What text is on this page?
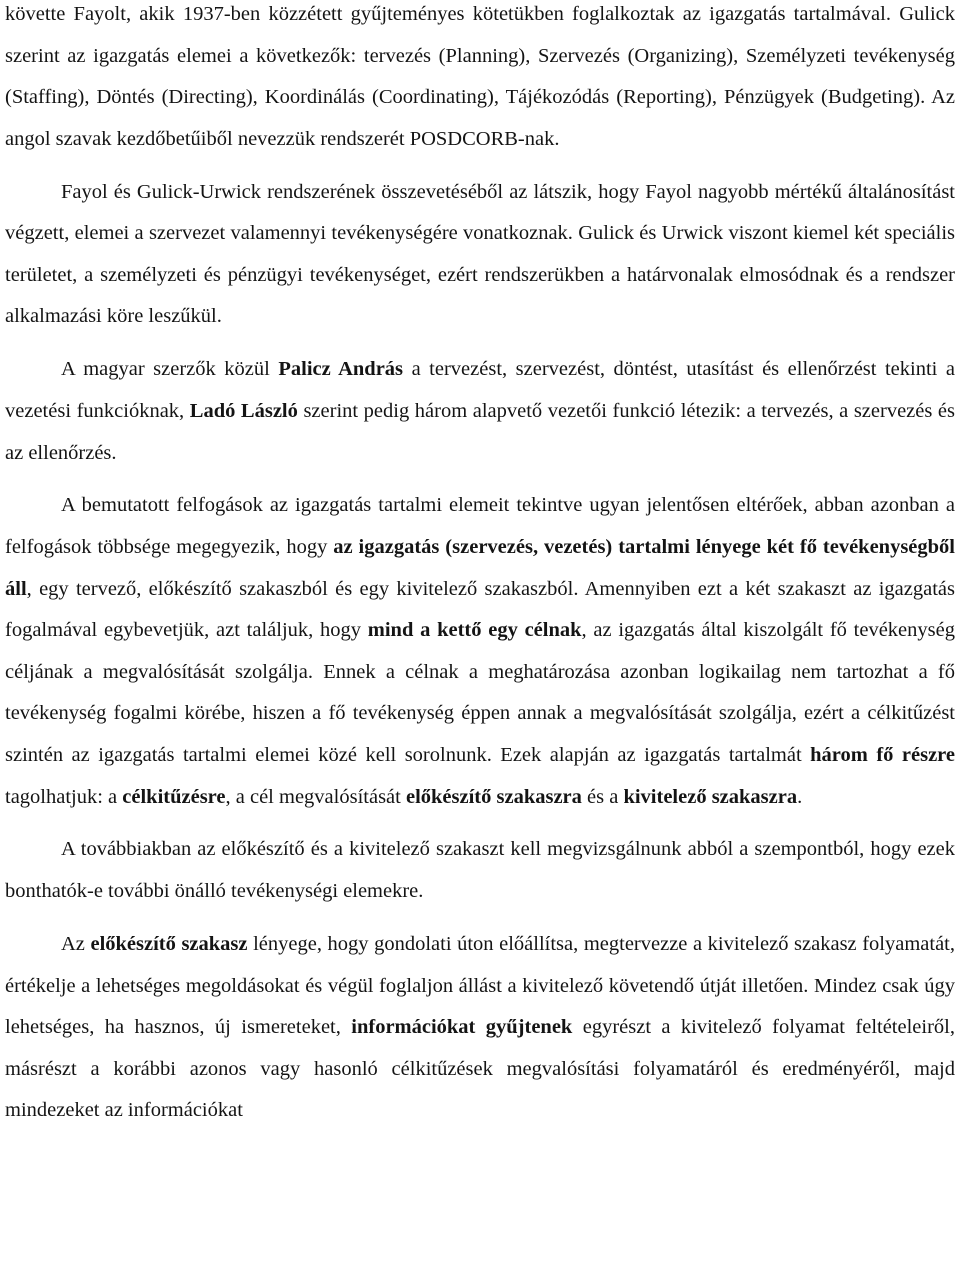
követte Fayolt, akik 1937-ben közzétett gyűjteményes kötetükben foglalkoztak az igazgatás tartalmával. Gulick szerint az igazgatás elemei a következők: tervezés (Planning), Szervezés (Organizing), Személyzeti tevékenység (Staffing), Döntés (Directing), Koordinálás (Coordinating), Tájékozódás (Reporting), Pénzügyek (Budgeting). Az angol szavak kezdőbetűiből nevezzük rendszerét POSDCORB-nak.

Fayol és Gulick-Urwick rendszerének összevetéséből az látszik, hogy Fayol nagyobb mértékű általánosítást végzett, elemei a szervezet valamennyi tevékenységére vonatkoznak. Gulick és Urwick viszont kiemel két speciális területet, a személyzeti és pénzügyi tevékenységet, ezért rendszerükben a határvonalak elmosódnak és a rendszer alkalmazási köre leszűkül.

A magyar szerzők közül Palicz András a tervezést, szervezést, döntést, utasítást és ellenőrzést tekinti a vezetési funkcióknak, Ladó László szerint pedig három alapvető vezetői funkció létezik: a tervezés, a szervezés és az ellenőrzés.

A bemutatott felfogások az igazgatás tartalmi elemeit tekintve ugyan jelentősen eltérőek, abban azonban a felfogások többsége megegyezik, hogy az igazgatás (szervezés, vezetés) tartalmi lényege két fő tevékenységből áll, egy tervező, előkészítő szakaszból és egy kivitelező szakaszból. Amennyiben ezt a két szakaszt az igazgatás fogalmával egybevetjük, azt találjuk, hogy mind a kettő egy célnak, az igazgatás által kiszolgált fő tevékenység céljának a megvalósítását szolgálja. Ennek a célnak a meghatározása azonban logikailag nem tartozhat a fő tevékenység fogalmi körébe, hiszen a fő tevékenység éppen annak a megvalósítását szolgálja, ezért a célkitűzést szintén az igazgatás tartalmi elemei közé kell sorolnunk. Ezek alapján az igazgatás tartalmát három fő részre tagolhatjuk: a célkitűzésre, a cél megvalósítását előkészítő szakaszra és a kivitelező szakaszra.

A továbbiakban az előkészítő és a kivitelező szakaszt kell megvizsgálnunk abból a szempontból, hogy ezek bonthatók-e további önálló tevékenységi elemekre.

Az előkészítő szakasz lényege, hogy gondolati úton előállítsa, megtervezze a kivitelező szakasz folyamatát, értékelje a lehetséges megoldásokat és végül foglaljon állást a kivitelező követendő útját illetően. Mindez csak úgy lehetséges, ha hasznos, új ismereteket, információkat gyűjtenek egyrészt a kivitelező folyamat feltételeiről, másrészt a korábbi azonos vagy hasonló célkitűzések megvalósítási folyamatáról és eredményéről, majd mindezeket az információkat
